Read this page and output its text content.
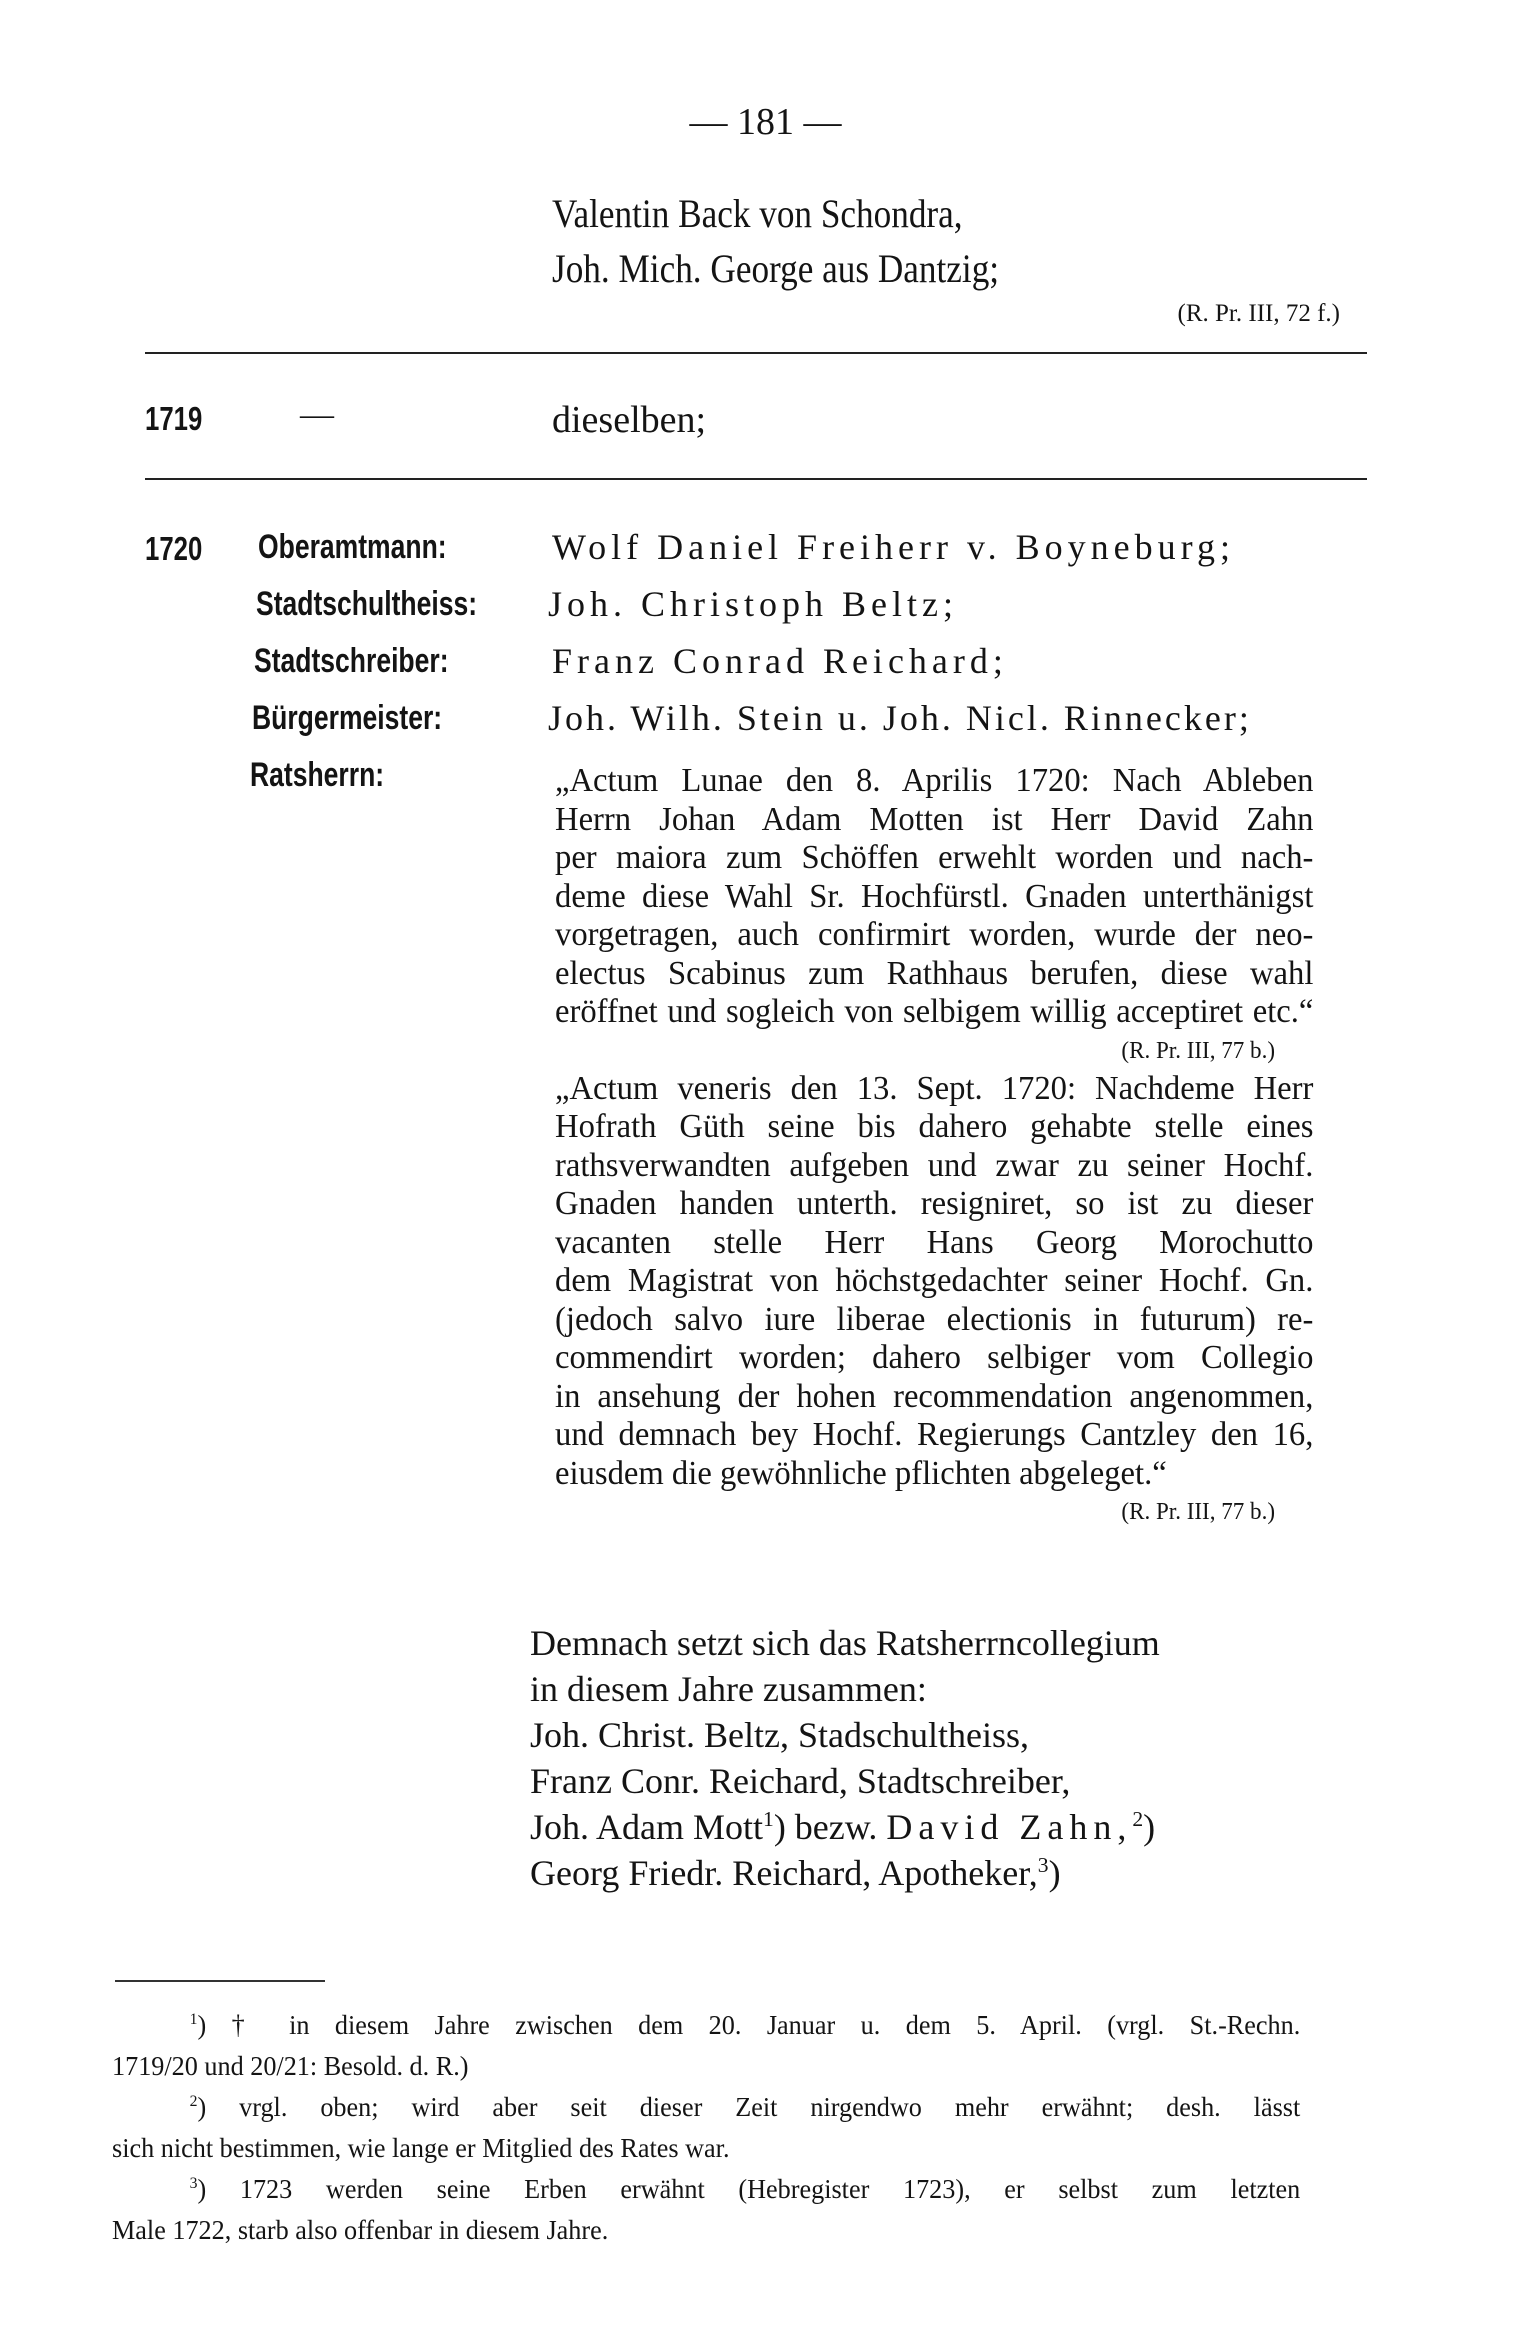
— 181 —
Valentin Back von Schondra,
Joh. Mich. George aus Dantzig;
(R. Pr. III, 72 f.)
1719	—	dieselben;
1720 Oberamtmann:	Wolf Daniel Freiherr v. Boyneburg;
Stadtschultheiss: Joh. Christoph Beltz;
Stadtschreiber:	Franz Conrad Reichard;
Bürgermeister:	Joh. Wilh. Stein u. Joh. Nicl. Rinnecker;
Ratsherrn:	„Actum Lunae den 8. Aprilis 1720: Nach Ableben
Herrn Johan Adam Motten ist Herr David Zahn
per maiora zum Schöffen erwehlt worden und nach-
deme diese Wahl Sr. Hochfürstl. Gnaden unterthänigst
vorgetragen, auch confirmirt worden, wurde der neo-
electus Scabinus zum Rathhaus berufen, diese wahl
eröffnet und sogleich von selbigem willig acceptiret etc.“
(R. Pr. III, 77 b.)
„Actum veneris den 13. Sept. 1720: Nachdeme Herr
Hofrath Güth seine bis dahero gehabte stelle eines
rathsverwandten aufgeben und zwar zu seiner Hochf.
Gnaden handen unterth. resigniret, so ist zu dieser
vacanten stelle Herr Hans Georg Morochutto
dem Magistrat von höchstgedachter seiner Hochf. Gn.
(jedoch salvo iure liberae electionis in futurum) re-
commendirt worden; dahero selbiger vom Collegio
in ansehung der hohen recommendation angenommen,
und demnach bey Hochf. Regierungs Cantzley den 16,
eiusdem die gewöhnliche pflichten abgeleget.“
(R. Pr. III, 77 b.)
Demnach setzt sich das Ratsherrncollegium
in diesem Jahre zusammen:
Joh. Christ. Beltz, Stadschultheiss,
Franz Conr. Reichard, Stadtschreiber,
Joh. Adam Mott$^1$) bezw. David Zahn,$^2$)
Georg Friedr. Reichard, Apotheker,$^3$)
$^1$) † in diesem Jahre zwischen dem 20. Januar u. dem 5. April. (vrgl. St.-Rechn.
1719/20 und 20/21: Besold. d. R.)
$^2$) vrgl. oben; wird aber seit dieser Zeit nirgendwo mehr erwähnt; desh. lässt
sich nicht bestimmen, wie lange er Mitglied des Rates war.
$^3$) 1723 werden seine Erben erwähnt (Hebregister 1723), er selbst zum letzten
Male 1722, starb also offenbar in diesem Jahre.
